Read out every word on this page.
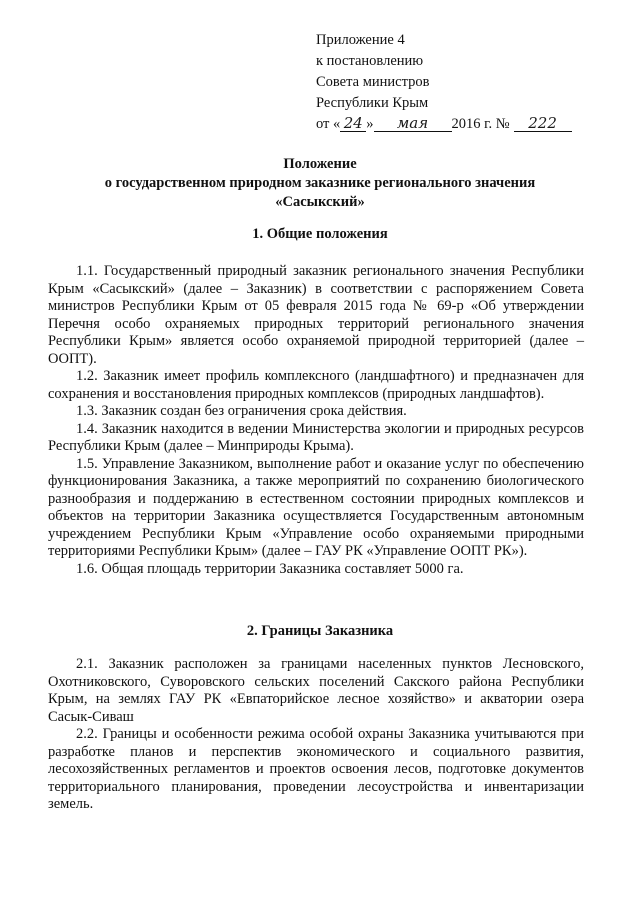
Приложение 4
к постановлению
Совета министров
Республики Крым
от « 24 » мая 2016 г. № 222
Положение
о государственном природном заказнике регионального значения
«Сасыкский»
1. Общие положения

1.1. Государственный природный заказник регионального значения Республики Крым «Сасыкский» (далее – Заказник) в соответствии с распоряжением Совета министров Республики Крым от 05 февраля 2015 года № 69-р «Об утверждении Перечня особо охраняемых природных территорий регионального значения Республики Крым» является особо охраняемой природной территорией (далее – ООПТ).

1.2. Заказник имеет профиль комплексного (ландшафтного) и предназначен для сохранения и восстановления природных комплексов (природных ландшафтов).

1.3. Заказник создан без ограничения срока действия.

1.4. Заказник находится в ведении Министерства экологии и природных ресурсов Республики Крым (далее – Минприроды Крыма).

1.5. Управление Заказником, выполнение работ и оказание услуг по обеспечению функционирования Заказника, а также мероприятий по сохранению биологического разнообразия и поддержанию в естественном состоянии природных комплексов и объектов на территории Заказника осуществляется Государственным автономным учреждением Республики Крым «Управление особо охраняемыми природными территориями Республики Крым» (далее – ГАУ РК «Управление ООПТ РК»).

1.6. Общая площадь территории Заказника составляет 5000 га.

2. Границы Заказника

2.1. Заказник расположен за границами населенных пунктов Лесновского, Охотниковского, Суворовского сельских поселений Сакского района Республики Крым, на землях ГАУ РК «Евпаторийское лесное хозяйство» и акватории озера Сасык-Сиваш

2.2. Границы и особенности режима особой охраны Заказника учитываются при разработке планов и перспектив экономического и социального развития, лесохозяйственных регламентов и проектов освоения лесов, подготовке документов территориального планирования, проведении лесоустройства и инвентаризации земель.
